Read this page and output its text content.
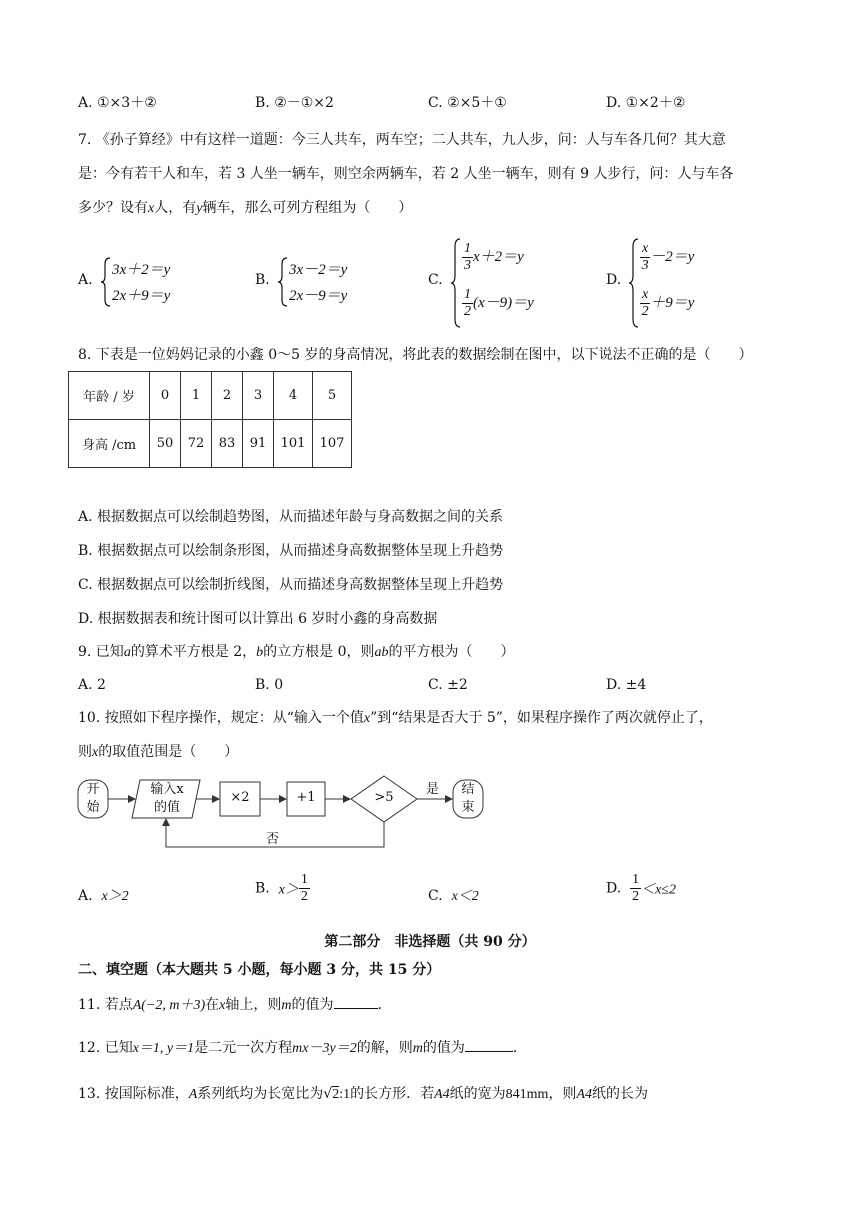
A. ①×3＋②	B. ②－①×2	C. ②×5＋①	D. ①×2＋②
7. 《孙子算经》中有这样一道题：今三人共车，两车空；二人共车，九人步，问：人与车各几何？其大意
是：今有若干人和车，若 3 人坐一辆车，则空余两辆车，若 2 人坐一辆车，则有 9 人步行，问：人与车各
多少？设有x人，有y辆车，那么可列方程组为（　　）
A.
3x＋2＝y
2x＋9＝y
B.
3x－2＝y
2x－9＝y
C.
$\frac{1}{3} x+2=y$
$\frac{1}{2} (x-9)=y$
D.
$\frac{x}{3} -2=y$
$\frac{x}{2} +9=y$
8. 下表是一位妈妈记录的小鑫 0～5 岁的身高情况，将此表的数据绘制在图中，以下说法不正确的是（　　）
年龄 / 岁	0	1	2	3	4	5
身高 /cm	50	72	83	91	101	107
A. 根据数据点可以绘制趋势图，从而描述年龄与身高数据之间的关系
B. 根据数据点可以绘制条形图，从而描述身高数据整体呈现上升趋势
C. 根据数据点可以绘制折线图，从而描述身高数据整体呈现上升趋势
D. 根据数据表和统计图可以计算出 6 岁时小鑫的身高数据
9. 已知a的算术平方根是 2，b的立方根是 0，则ab的平方根为（　　）
A. 2	B. 0	C. ±2	D. ±4
10. 按照如下程序操作，规定：从“输入一个值x”到“结果是否大于 5”，如果程序操作了两次就停止了，
则x的取值范围是（　　）
开
始
输入x
的值
×2	+1	>5
是	结
束
否
A. x＞2	B. $x> \frac{1}{2}$	C. x＜2	D. $\frac{1}{2} <x\le 2$
第二部分　非选择题（共 90 分）
二、填空题（本大题共 5 小题，每小题 3 分，共 15 分）
11. 若点A(−2, m＋3)在x轴上，则m的值为	.
12. 已知x＝1, y＝1是二元一次方程mx－3y＝2的解，则m的值为	.
13. 按国际标准，A系列纸均为长宽比为√2:1的长方形．若A4纸的宽为841mm，则A4纸的长为
